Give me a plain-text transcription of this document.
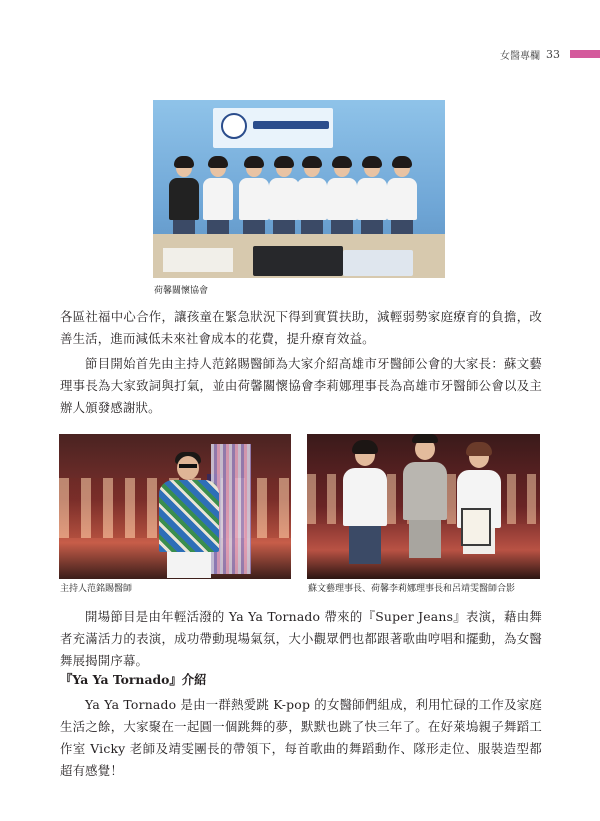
女醫專欄 33
荷馨關懷協會

各區社福中心合作，讓孩童在緊急狀況下得到實質扶助，減輕弱勢家庭療育的負擔，改善生活，進而減低未來社會成本的花費，提升療育效益。

節目開始首先由主持人范銘賜醫師為大家介紹高雄市牙醫師公會的大家長：蘇文藝理事長為大家致詞與打氣，並由荷馨關懷協會李莉娜理事長為高雄市牙醫師公會以及主辦人頒發感謝狀。

主持人范銘賜醫師	蘇文藝理事長、荷馨李莉娜理事長和呂靖雯醫師合影

開場節目是由年輕活潑的 Ya Ya Tornado 帶來的『Super Jeans』表演，藉由舞者充滿活力的表演，成功帶動現場氣氛，大小觀眾們也都跟著歌曲哼唱和擺動，為女醫舞展揭開序幕。

『Ya Ya Tornado』介紹

Ya Ya Tornado 是由一群熱愛跳 K-pop 的女醫師們組成，利用忙碌的工作及家庭生活之餘，大家聚在一起圓一個跳舞的夢，默默也跳了快三年了。在好萊塢親子舞蹈工作室 Vicky 老師及靖雯團長的帶領下，每首歌曲的舞蹈動作、隊形走位、服裝造型都超有感覺！
